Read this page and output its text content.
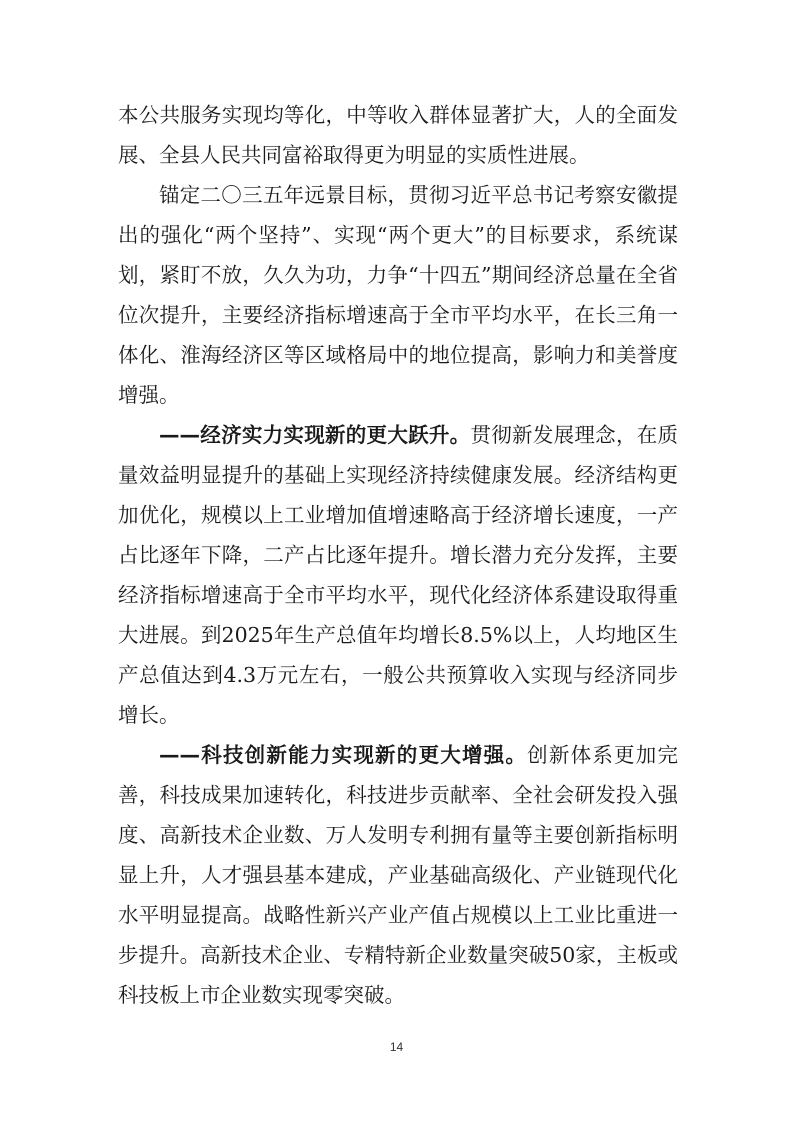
本公共服务实现均等化，中等收入群体显著扩大，人的全面发展、全县人民共同富裕取得更为明显的实质性进展。

锚定二〇三五年远景目标，贯彻习近平总书记考察安徽提出的强化“两个坚持”、实现“两个更大”的目标要求，系统谋划，紧盯不放，久久为功，力争“十四五”期间经济总量在全省位次提升，主要经济指标增速高于全市平均水平，在长三角一体化、淮海经济区等区域格局中的地位提高，影响力和美誉度增强。

——经济实力实现新的更大跃升。贯彻新发展理念，在质量效益明显提升的基础上实现经济持续健康发展。经济结构更加优化，规模以上工业增加值增速略高于经济增长速度，一产占比逐年下降，二产占比逐年提升。增长潜力充分发挥，主要经济指标增速高于全市平均水平，现代化经济体系建设取得重大进展。到2025年生产总值年均增长8.5%以上，人均地区生产总值达到4.3万元左右，一般公共预算收入实现与经济同步增长。

——科技创新能力实现新的更大增强。创新体系更加完善，科技成果加速转化，科技进步贡献率、全社会研发投入强度、高新技术企业数、万人发明专利拥有量等主要创新指标明显上升，人才强县基本建成，产业基础高级化、产业链现代化水平明显提高。战略性新兴产业产值占规模以上工业比重进一步提升。高新技术企业、专精特新企业数量突破50家，主板或科技板上市企业数实现零突破。

14
